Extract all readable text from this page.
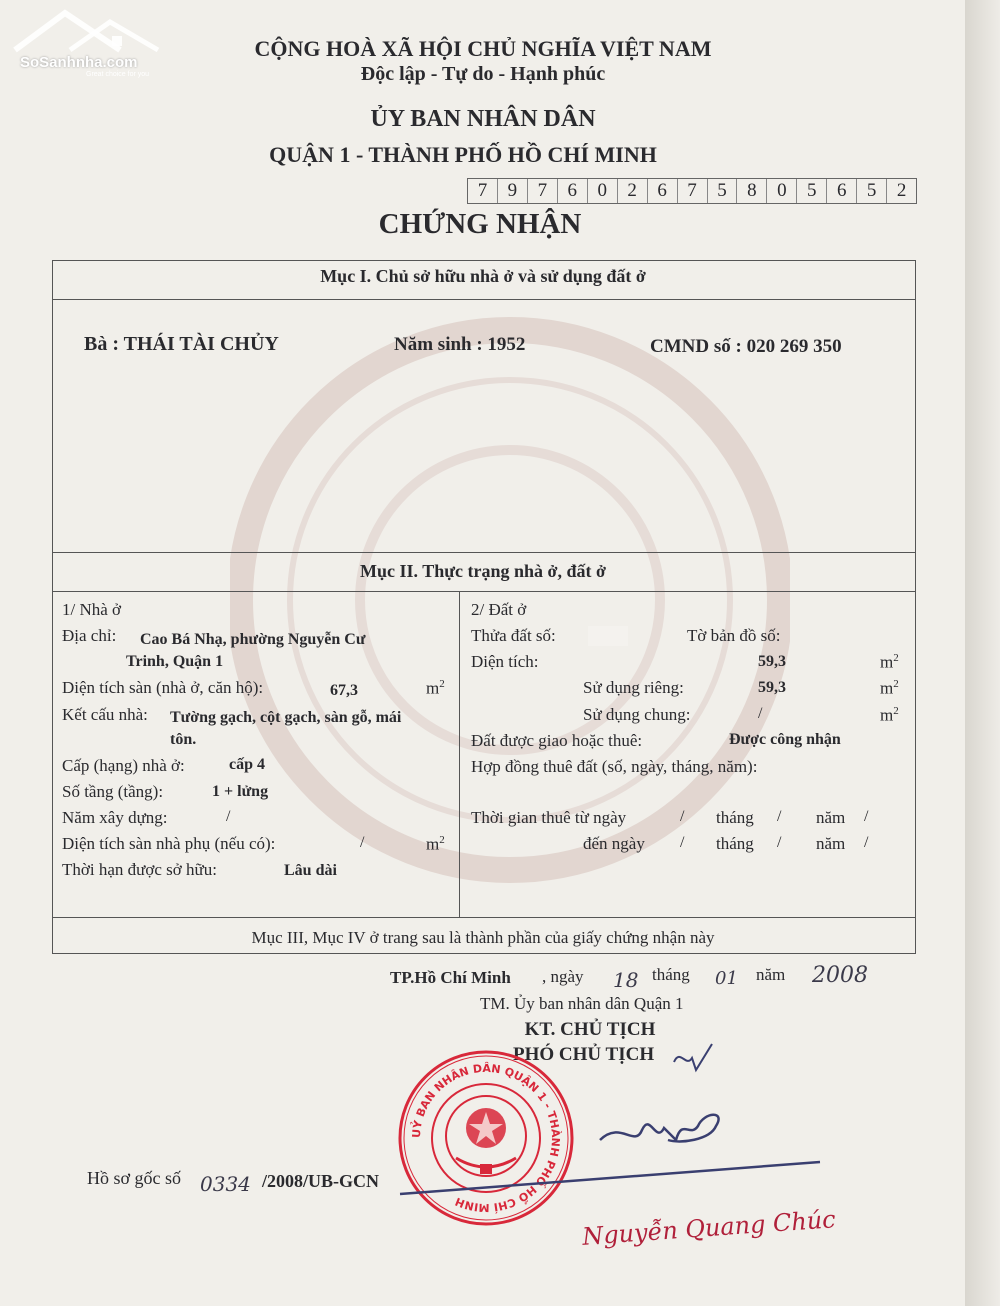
SoSanhnha.com
Great choice for you
CỘNG HOÀ XÃ HỘI CHỦ NGHĨA VIỆT NAM
Độc lập - Tự do - Hạnh phúc
ỦY BAN NHÂN DÂN
QUẬN 1 - THÀNH PHỐ HỒ CHÍ MINH
7	9	7	6	0	2	6	7	5	8	0	5	6	5	2
CHỨNG NHẬN
Mục I. Chủ sở hữu nhà ở và sử dụng đất ở
Bà : THÁI TÀI CHỦY	Năm sinh : 1952	CMND số : 020 269 350
Mục II. Thực trạng nhà ở, đất ở
1/ Nhà ở
Địa chỉ: Cao Bá Nhạ, phường Nguyễn Cư
Trinh, Quận 1
Diện tích sàn (nhà ở, căn hộ):	67,3	$m^2$
Kết cấu nhà: Tường gạch, cột gạch, sàn gỗ, mái
tôn.
Cấp (hạng) nhà ở:	cấp 4
Số tầng (tầng):	1 + lửng
Năm xây dựng:	/
Diện tích sàn nhà phụ (nếu có):	/	$m^2$
Thời hạn được sở hữu:	Lâu dài
2/ Đất ở
Thửa đất số:	Tờ bản đồ số:
Diện tích:	59,3	$m^2$
Sử dụng riêng:	59,3	$m^2$
Sử dụng chung:	/	$m^2$
Đất được giao hoặc thuê:	Được công nhận
Hợp đồng thuê đất (số, ngày, tháng, năm):
Thời gian thuê từ ngày	/ tháng / năm /
đến ngày / tháng / năm /
Mục III, Mục IV ở trang sau là thành phần của giấy chứng nhận này
TP.Hồ Chí Minh , ngày 18 tháng 01 năm 2008
TM. Ủy ban nhân dân Quận 1
KT. CHỦ TỊCH
PHÓ CHỦ TỊCH
UỶ BAN NHÂN DÂN QUẬN 1 - THÀNH PHỐ HỒ CHÍ MINH
Nguyễn Quang Chúc
Hồ sơ gốc số 0334 /2008/UB-GCN
